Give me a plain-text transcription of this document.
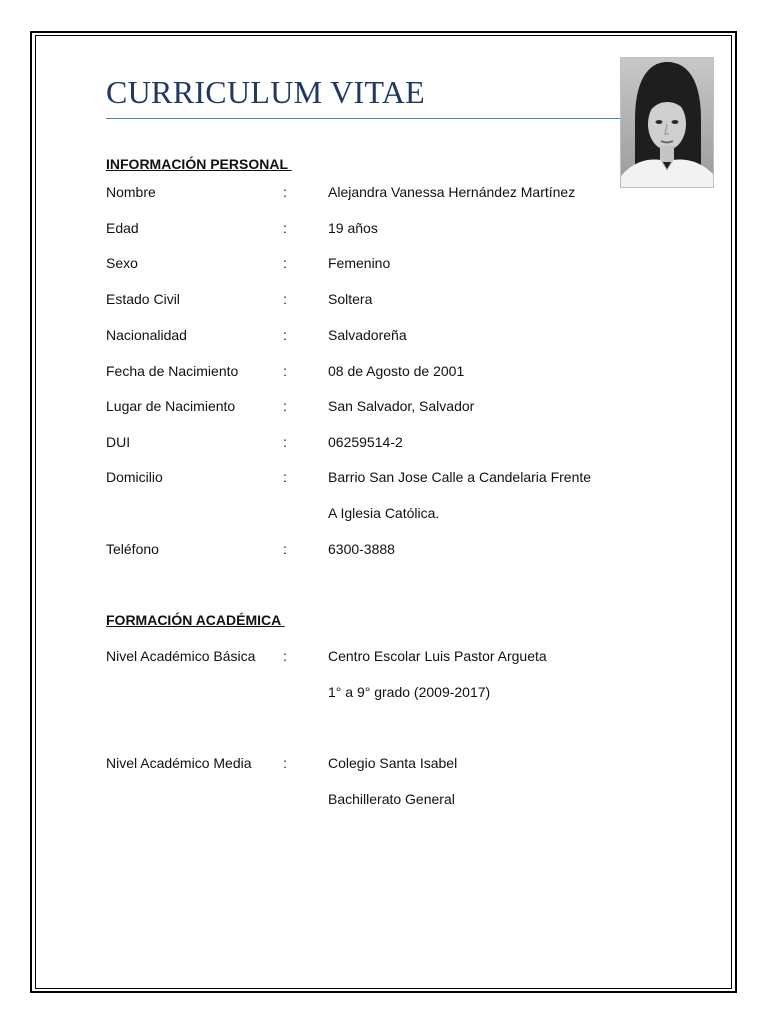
CURRICULUM VITAE
INFORMACIÓN PERSONAL
Nombre	:	Alejandra Vanessa Hernández Martínez
Edad	:	19 años
Sexo	:	Femenino
Estado Civil	:	Soltera
Nacionalidad	:	Salvadoreña
Fecha de Nacimiento	:	08 de Agosto de 2001
Lugar de Nacimiento	:	San Salvador, Salvador
DUI	:	06259514-2
Domicilio	:	Barrio San Jose Calle a Candelaria Frente
A Iglesia Católica.
Teléfono	:	6300-3888
FORMACIÓN ACADÉMICA
Nivel Académico Básica :	Centro Escolar Luis Pastor Argueta
1° a 9° grado (2009-2017)
Nivel Académico Media :	Colegio Santa Isabel
Bachillerato General
